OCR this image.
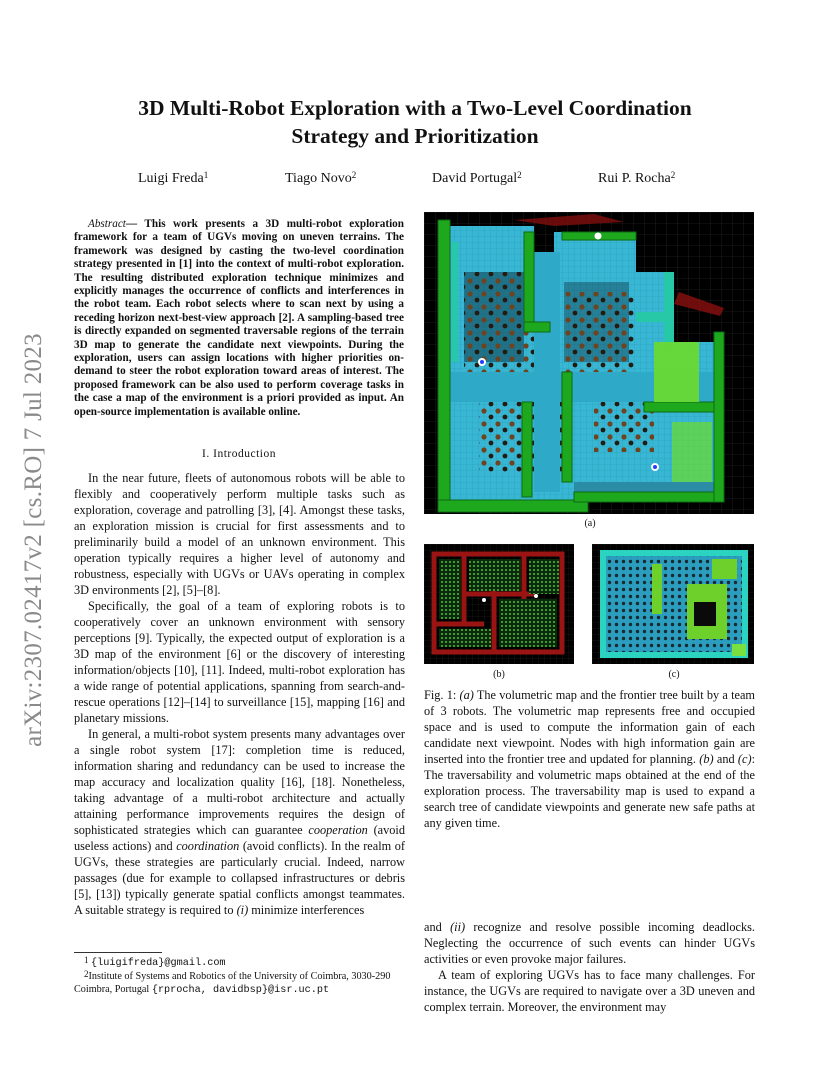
arXiv:2307.02417v2 [cs.RO] 7 Jul 2023
3D Multi-Robot Exploration with a Two-Level Coordination
Strategy and Prioritization
Luigi Freda$^1$	Tiago Novo$^2$	David Portugal$^2$	Rui P. Rocha$^2$
Abstract— This work presents a 3D multi-robot exploration framework for a team of UGVs moving on uneven terrains. The framework was designed by casting the two-level coordination strategy presented in [1] into the context of multi-robot exploration. The resulting distributed exploration technique minimizes and explicitly manages the occurrence of conflicts and interferences in the robot team. Each robot selects where to scan next by using a receding horizon next-best-view approach [2]. A sampling-based tree is directly expanded on segmented traversable regions of the terrain 3D map to generate the candidate next viewpoints. During the exploration, users can assign locations with higher priorities on-demand to steer the robot exploration toward areas of interest. The proposed framework can be also used to perform coverage tasks in the case a map of the environment is a priori provided as input. An open-source implementation is available online.
I. Introduction

In the near future, fleets of autonomous robots will be able to flexibly and cooperatively perform multiple tasks such as exploration, coverage and patrolling [3], [4]. Amongst these tasks, an exploration mission is crucial for first assessments and to preliminarily build a model of an unknown environment. This operation typically requires a higher level of autonomy and robustness, especially with UGVs or UAVs operating in complex 3D environments [2], [5]–[8].

Specifically, the goal of a team of exploring robots is to cooperatively cover an unknown environment with sensory perceptions [9]. Typically, the expected output of exploration is a 3D map of the environment [6] or the discovery of interesting information/objects [10], [11]. Indeed, multi-robot exploration has a wide range of potential applications, spanning from search-and-rescue operations [12]–[14] to surveillance [15], mapping [16] and planetary missions.

In general, a multi-robot system presents many advantages over a single robot system [17]: completion time is reduced, information sharing and redundancy can be used to increase the map accuracy and localization quality [16], [18]. Nonetheless, taking advantage of a multi-robot architecture and actually attaining performance improvements requires the design of sophisticated strategies which can guarantee cooperation (avoid useless actions) and coordination (avoid conflicts). In the realm of UGVs, these strategies are particularly crucial. Indeed, narrow passages (due for example to collapsed infrastructures or debris [5], [13]) typically generate spatial conflicts amongst teammates. A suitable strategy is required to (i) minimize interferences

$^1$ {luigifreda}@gmail.com

$^2$Institute of Systems and Robotics of the University of Coimbra, 3030-290 Coimbra, Portugal {rprocha, davidbsp}@isr.uc.pt

(a)
(b)	(c)
Fig. 1: (a) The volumetric map and the frontier tree built by a team of 3 robots. The volumetric map represents free and occupied space and is used to compute the information gain of each candidate next viewpoint. Nodes with high information gain are inserted into the frontier tree and updated for planning. (b) and (c): The traversability and volumetric maps obtained at the end of the exploration process. The traversability map is used to expand a search tree of candidate viewpoints and generate new safe paths at any given time.

and (ii) recognize and resolve possible incoming deadlocks. Neglecting the occurrence of such events can hinder UGVs activities or even provoke major failures.

A team of exploring UGVs has to face many challenges. For instance, the UGVs are required to navigate over a 3D uneven and complex terrain. Moreover, the environment may
